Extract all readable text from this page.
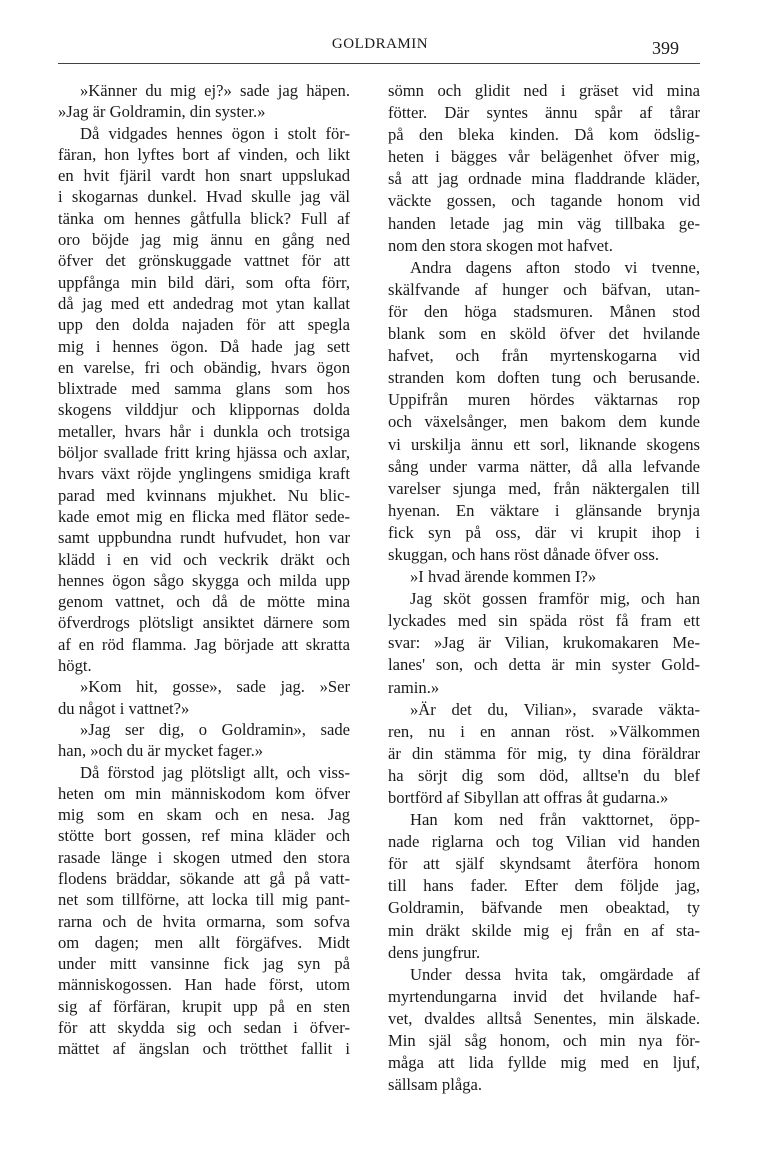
GOLDRAMIN	399
»Känner du mig ej?» sade jag häpen.
»Jag är Goldramin, din syster.»
Då vidgades hennes ögon i stolt för-
färan, hon lyftes bort af vinden, och likt
en hvit fjäril vardt hon snart uppslukad
i skogarnas dunkel. Hvad skulle jag väl
tänka om hennes gåtfulla blick? Full af
oro böjde jag mig ännu en gång ned
öfver det grönskuggade vattnet för att
uppfånga min bild däri, som ofta förr,
då jag med ett andedrag mot ytan kallat
upp den dolda najaden för att spegla
mig i hennes ögon. Då hade jag sett
en varelse, fri och obändig, hvars ögon
blixtrade med samma glans som hos
skogens vilddjur och klippornas dolda
metaller, hvars hår i dunkla och trotsiga
böljor svallade fritt kring hjässa och axlar,
hvars växt röjde ynglingens smidiga kraft
parad med kvinnans mjukhet. Nu blic-
kade emot mig en flicka med flätor sede-
samt uppbundna rundt hufvudet, hon var
klädd i en vid och veckrik dräkt och
hennes ögon sågo skygga och milda upp
genom vattnet, och då de mötte mina
öfverdrogs plötsligt ansiktet därnere som
af en röd flamma. Jag började att skratta
högt.
»Kom hit, gosse», sade jag. »Ser
du något i vattnet?»
»Jag ser dig, o Goldramin», sade
han, »och du är mycket fager.»
Då förstod jag plötsligt allt, och viss-
heten om min människodom kom öfver
mig som en skam och en nesa. Jag
stötte bort gossen, ref mina kläder och
rasade länge i skogen utmed den stora
flodens bräddar, sökande att gå på vatt-
net som tillförne, att locka till mig pant-
rarna och de hvita ormarna, som sofva
om dagen; men allt förgäfves. Midt
under mitt vansinne fick jag syn på
människogossen. Han hade först, utom
sig af förfäran, krupit upp på en sten
för att skydda sig och sedan i öfver-
mättet af ängslan och trötthet fallit i
sömn och glidit ned i gräset vid mina
fötter. Där syntes ännu spår af tårar
på den bleka kinden. Då kom ödslig-
heten i bägges vår belägenhet öfver mig,
så att jag ordnade mina fladdrande kläder,
väckte gossen, och tagande honom vid
handen letade jag min väg tillbaka ge-
nom den stora skogen mot hafvet.
Andra dagens afton stodo vi tvenne,
skälfvande af hunger och bäfvan, utan-
för den höga stadsmuren. Månen stod
blank som en sköld öfver det hvilande
hafvet, och från myrtenskogarna vid
stranden kom doften tung och berusande.
Uppifrån muren hördes väktarnas rop
och växelsånger, men bakom dem kunde
vi urskilja ännu ett sorl, liknande skogens
sång under varma nätter, då alla lefvande
varelser sjunga med, från näktergalen till
hyenan. En väktare i glänsande brynja
fick syn på oss, där vi krupit ihop i
skuggan, och hans röst dånade öfver oss.
»I hvad ärende kommen I?»
Jag sköt gossen framför mig, och han
lyckades med sin späda röst få fram ett
svar: »Jag är Vilian, krukomakaren Me-
lanes' son, och detta är min syster Gold-
ramin.»
»Är det du, Vilian», svarade väkta-
ren, nu i en annan röst. »Välkommen
är din stämma för mig, ty dina föräldrar
ha sörjt dig som död, alltse'n du blef
bortförd af Sibyllan att offras åt gudarna.»
Han kom ned från vakttornet, öpp-
nade riglarna och tog Vilian vid handen
för att själf skyndsamt återföra honom
till hans fader. Efter dem följde jag,
Goldramin, bäfvande men obeaktad, ty
min dräkt skilde mig ej från en af sta-
dens jungfrur.
Under dessa hvita tak, omgärdade af
myrtendungarna invid det hvilande haf-
vet, dvaldes alltså Senentes, min älskade.
Min själ såg honom, och min nya för-
måga att lida fyllde mig med en ljuf,
sällsam plåga.
